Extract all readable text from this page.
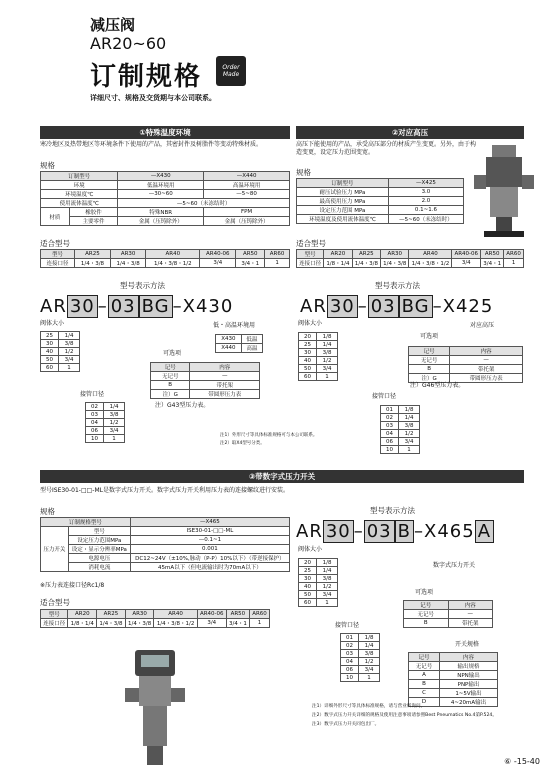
减压阀
AR20~60
订制规格	Order Made
详细尺寸、规格及交货期与本公司联系。
①特殊温度环境
寒冷地区及热带地区等环境条件下使用的产品，其密封件及树脂件等变动特殊材质。
规格
订制型号		—X430	—X440
环境		低温环境用	高温环境用
环境温度℃		—30~60	—5~80
使用流体温度℃		—5~60（未冻结时）	
材质	橡胶件	特殊NBR	FPM
	主要零件	金属（压铸除外）	金属（压铸除外）
适合型号
型号	AR25	AR30	AR40	AR40-06	AR50	AR60
连接口径	1/4・3/8	1/4・3/8	1/4・3/8・1/2	3/4	3/4・1	1
型号表示方法
AR 30 – 03 BG –X430
阀体大小
25	1/4
30	3/8
40	1/2
50	3/4
60	1
低・高温环境用
X430	低温
X440	高温
可选项
记号	内容
无记号	—
B	带托架
注）G	带圆形压力表
接管口径
02	1/4
03	3/8
04	1/2
06	3/4
10	1
注）G43型压力表。
注1）外形尺寸等具体标准规格可与本公司联系。
注2）取X4型号分类。
②对应高压
高压下能使用的产品，承受高压部分的材质产生变更。另外，由于构造变更，设定压力范围变宽。
规格
订制型号	—X425
耐压试验压力 MPa	3.0
最高使用压力 MPa	2.0
设定压力范围 MPa	0.1~1.6
环境温度及使用流体温度℃	—5~60（未冻结时）
适合型号
型号	AR20	AR25	AR30	AR40	AR40-06	AR50	AR60
连接口径	1/8・1/4	1/4・3/8	1/4・3/8	1/4・3/8・1/2	3/4	3/4・1	1
型号表示方法
AR 30 – 03 BG –X425
阀体大小
20	1/8
25	1/4
30	3/8
40	1/2
50	3/4
60	1
对应高压
可选项
记号	内容
无记号	—
B	带托架
注）G	带圆形压力表
注）G46型压力表。
接管口径
01	1/8
02	1/4
03	3/8
04	1/2
06	3/4
10	1
③带数字式压力开关
型号ISE30-01-□□-ML是数字式压力开关。数字式压力开关利用压力表的连接螺纹进行安装。
规格
订制规格型号		—X465
压力开关	型号	ISE30-01-□□-ML
	设定压力范围MPa	—0.1~1
	设定・显示分辨率MPa	0.001
	电源电压	DC12~24V（±10%,脉动（P-P）10%以下）（带逆接保护）
	消耗电流	45mA以下（但电流输出时为70mA以下）
※压力表连接口径Rc1/8
适合型号
型号	AR20	AR25	AR30	AR40	AR40-06	AR50	AR60
连接口径	1/8・1/4	1/4・3/8	1/4・3/8	1/4・3/8・1/2	3/4	3/4・1	1
型号表示方法
AR 30 – 03 B –X465 A
阀体大小
20	1/8
25	1/4
30	3/8
40	1/2
50	3/4
60	1
数字式压力开关
可选项
记号	内容
无记号	—
B	带托架
接管口径
01	1/8
02	1/4
03	3/8
04	1/2
06	3/4
10	1
开关规格
记号	内容
无记号	输出规格
A	NPN输出
B	PNP输出
C	1~5V输出
D	4~20mA输出
注1）详细外形尺寸等具体标准规格，请与营业所询问。
注2）数字式压力开关详细的规格及使用注意事项请参照Best Pneumatics No.4第P.524。
注3）数字式压力开关同包出厂。
⑥ -15-40
